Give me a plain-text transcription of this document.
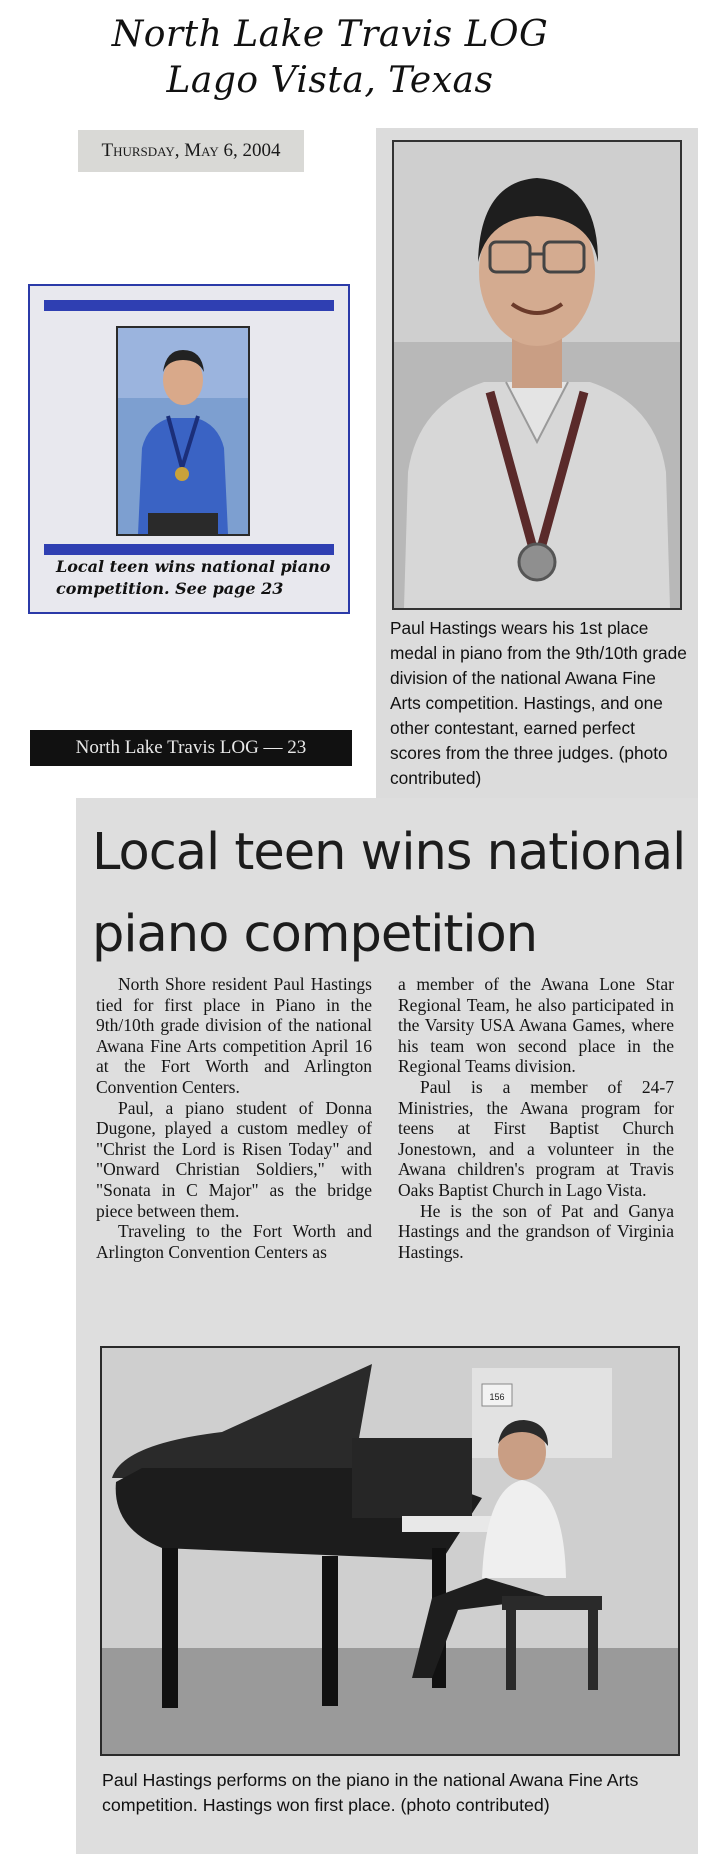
North Lake Travis LOG
Lago Vista, Texas
Thursday, May 6, 2004
Local teen wins national piano competition. See page 23
North Lake Travis LOG — 23
Paul Hastings wears his 1st place medal in piano from the 9th/10th grade division of the national Awana Fine Arts competition. Hastings, and one other contestant, earned perfect scores from the three judges. (photo contributed)
Local teen wins national piano competition

North Shore resident Paul Hastings tied for first place in Piano in the 9th/10th grade division of the national Awana Fine Arts competition April 16 at the Fort Worth and Arlington Convention Centers.

Paul, a piano student of Donna Dugone, played a custom medley of "Christ the Lord is Risen Today" and "Onward Christian Soldiers," with "Sonata in C Major" as the bridge piece between them.

Traveling to the Fort Worth and Arlington Convention Centers as

a member of the Awana Lone Star Regional Team, he also participated in the Varsity USA Awana Games, where his team won second place in the Regional Teams division.

Paul is a member of 24-7 Ministries, the Awana program for teens at First Baptist Church Jonestown, and a volunteer in the Awana children's program at Travis Oaks Baptist Church in Lago Vista.

He is the son of Pat and Ganya Hastings and the grandson of Virginia Hastings.

156
Paul Hastings performs on the piano in the national Awana Fine Arts competition. Hastings won first place. (photo contributed)
